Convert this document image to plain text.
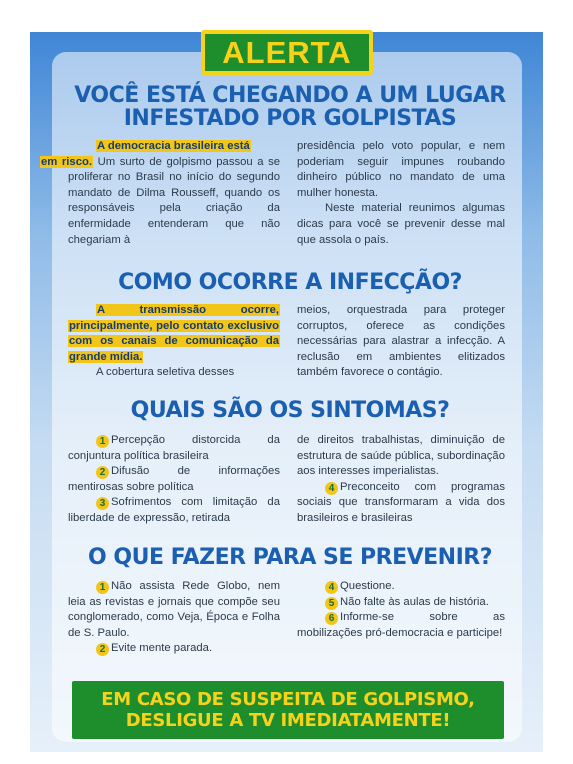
ALERTA
VOCÊ ESTÁ CHEGANDO A UM LUGAR
INFESTADO POR GOLPISTAS

A democracia brasileira está
em risco. Um surto de golpismo passou a se proliferar no Brasil no início do segundo mandato de Dilma Rousseff, quando os responsáveis pela criação da enfermidade entenderam que não chegariam à

presidência pelo voto popular, e nem poderiam seguir impunes roubando dinheiro público no mandato de uma mulher honesta.

Neste material reunimos algumas dicas para você se prevenir desse mal que assola o país.

COMO OCORRE A INFECÇÃO?

A transmissão ocorre, principalmente, pelo contato exclusivo com os canais de comunicação da grande mídia.

A cobertura seletiva desses

meios, orquestrada para proteger corruptos, oferece as condições necessárias para alastrar a infecção. A reclusão em ambientes elitizados também favorece o contágio.

QUAIS SÃO OS SINTOMAS?

1 Percepção distorcida da conjuntura política brasileira

2 Difusão de informações mentirosas sobre política

3 Sofrimentos com limitação da liberdade de expressão, retirada

de direitos trabalhistas, diminuição de estrutura de saúde pública, subordinação aos interesses imperialistas.

4 Preconceito com programas sociais que transformaram a vida dos brasileiros e brasileiras

O QUE FAZER PARA SE PREVENIR?

1 Não assista Rede Globo, nem leia as revistas e jornais que compõe seu conglomerado, como Veja, Época e Folha de S. Paulo.

2 Evite mente parada.

4 Questione.

5 Não falte às aulas de história.

6 Informe-se sobre as mobilizações pró-democracia e participe!

EM CASO DE SUSPEITA DE GOLPISMO,
DESLIGUE A TV IMEDIATAMENTE!
